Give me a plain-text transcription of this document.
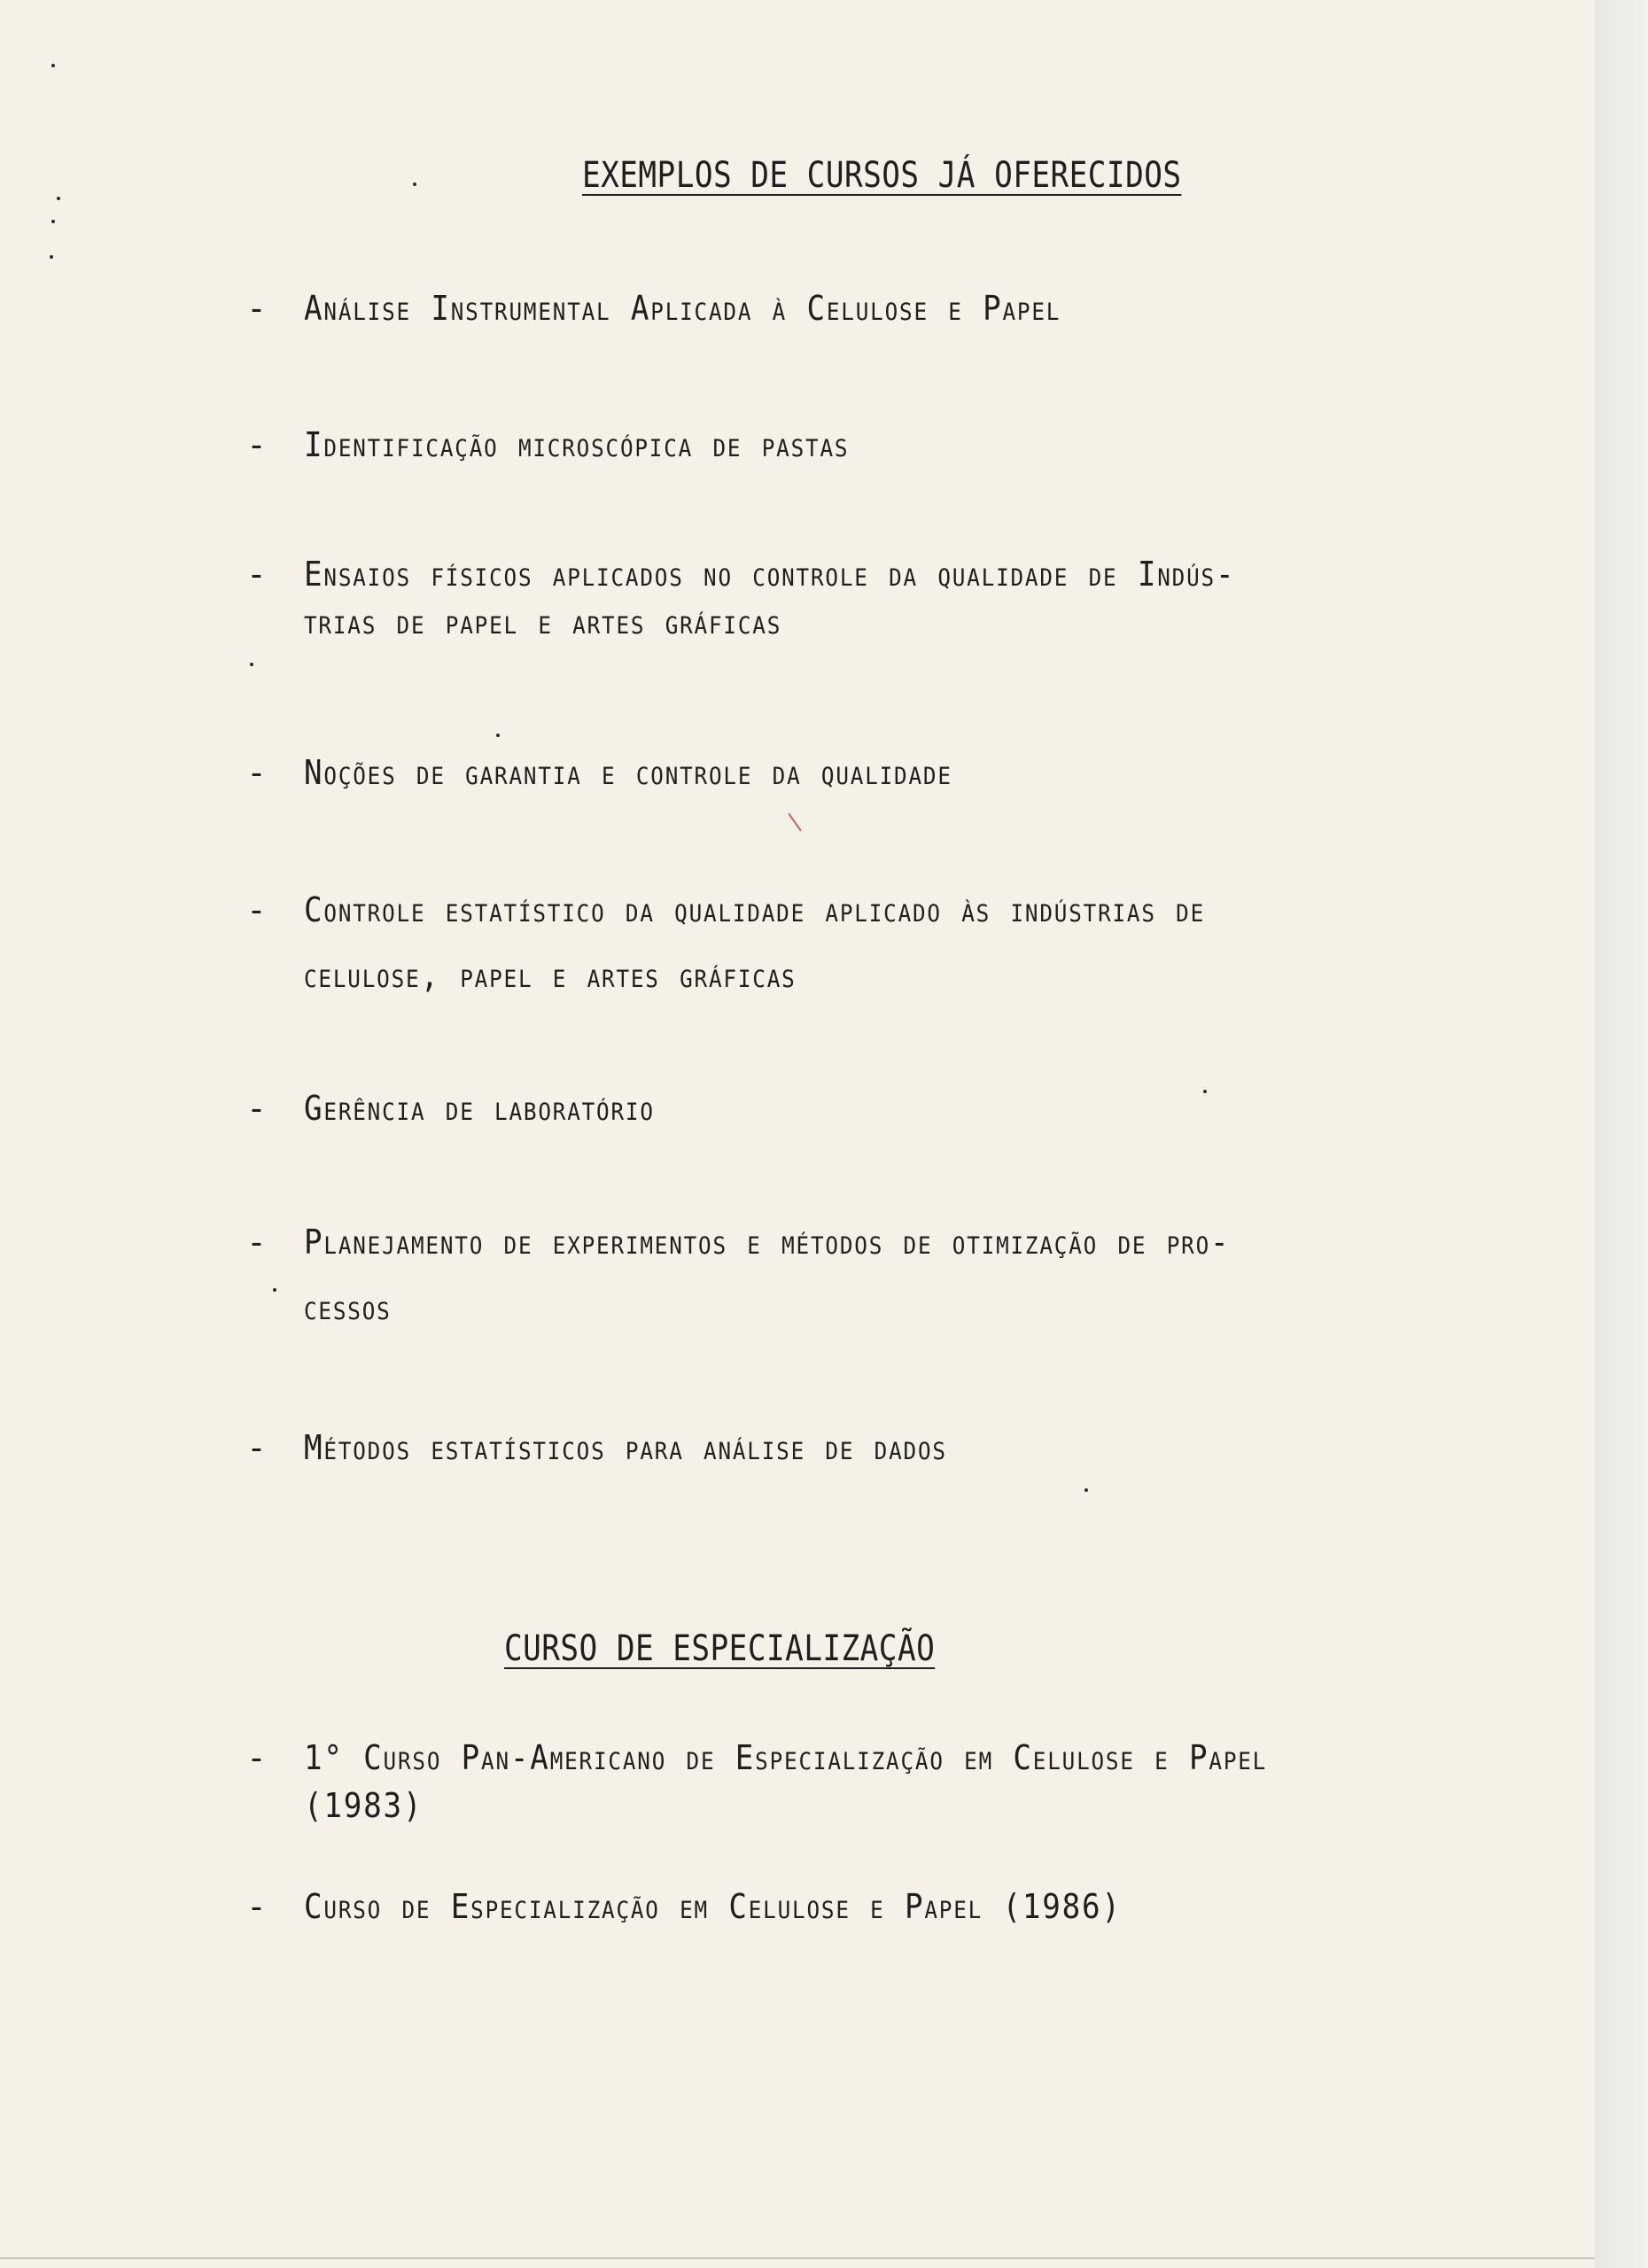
EXEMPLOS DE CURSOS JÁ OFERECIDOS
- Análise Instrumental Aplicada à Celulose e Papel
- Identificação microscópica de pastas
- Ensaios físicos aplicados no controle da qualidade de Indús-
trias de papel e artes gráficas
- Noções de garantia e controle da qualidade
- Controle estatístico da qualidade aplicado às indústrias de
celulose, papel e artes gráficas
- Gerência de laboratório
- Planejamento de experimentos e métodos de otimização de pro-
cessos
- Métodos estatísticos para análise de dados
CURSO DE ESPECIALIZAÇÃO
- 1° Curso Pan-Americano de Especialização em Celulose e Papel
(1983)
- Curso de Especialização em Celulose e Papel (1986)
